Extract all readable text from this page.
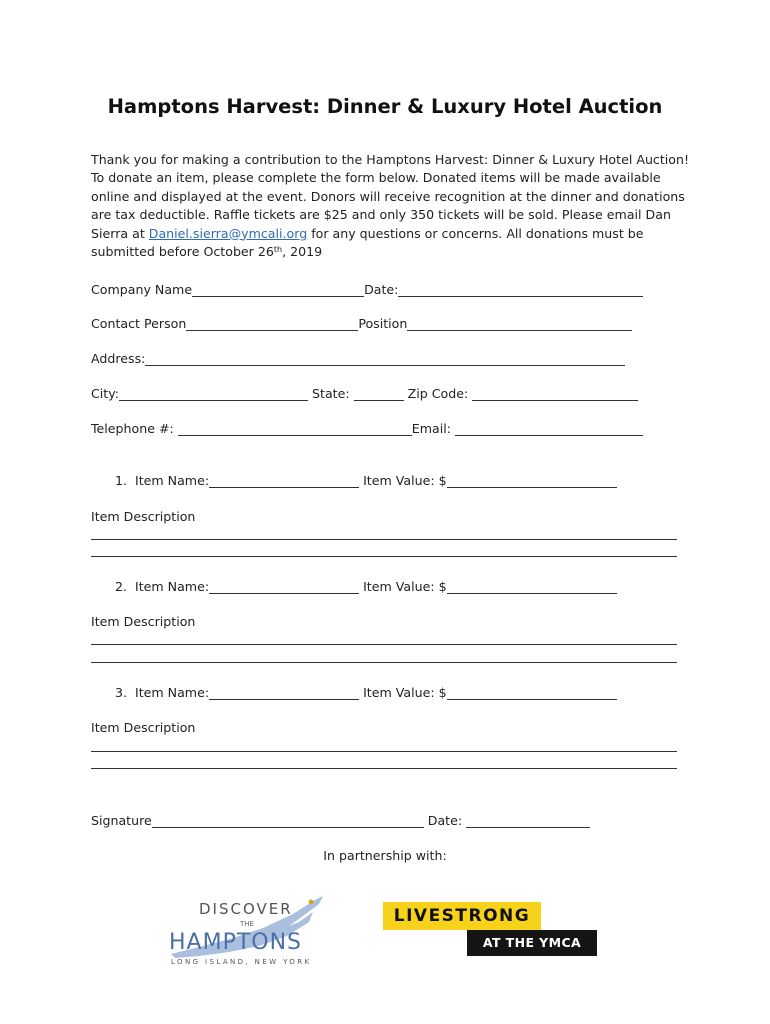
Hamptons Harvest: Dinner & Luxury Hotel Auction
Thank you for making a contribution to the Hamptons Harvest: Dinner & Luxury Hotel Auction! To donate an item, please complete the form below. Donated items will be made available online and displayed at the event. Donors will receive recognition at the dinner and donations are tax deductible. Raffle tickets are $25 and only 350 tickets will be sold. Please email Dan Sierra at Daniel.sierra@ymcali.org for any questions or concerns. All donations must be submitted before October 26th, 2019
Company Name	Date:
Contact Person	Position
Address:
City:	State:	Zip Code:
Telephone #:	Email:
1. Item Name:	Item Value: $
Item Description
2. Item Name:	Item Value: $
Item Description
3. Item Name:	Item Value: $
Item Description
Signature	Date:
In partnership with:
DISCOVER
THE
HAMPTONS
LONG ISLAND, NEW YORK
LIVESTRONG
AT THE YMCA
